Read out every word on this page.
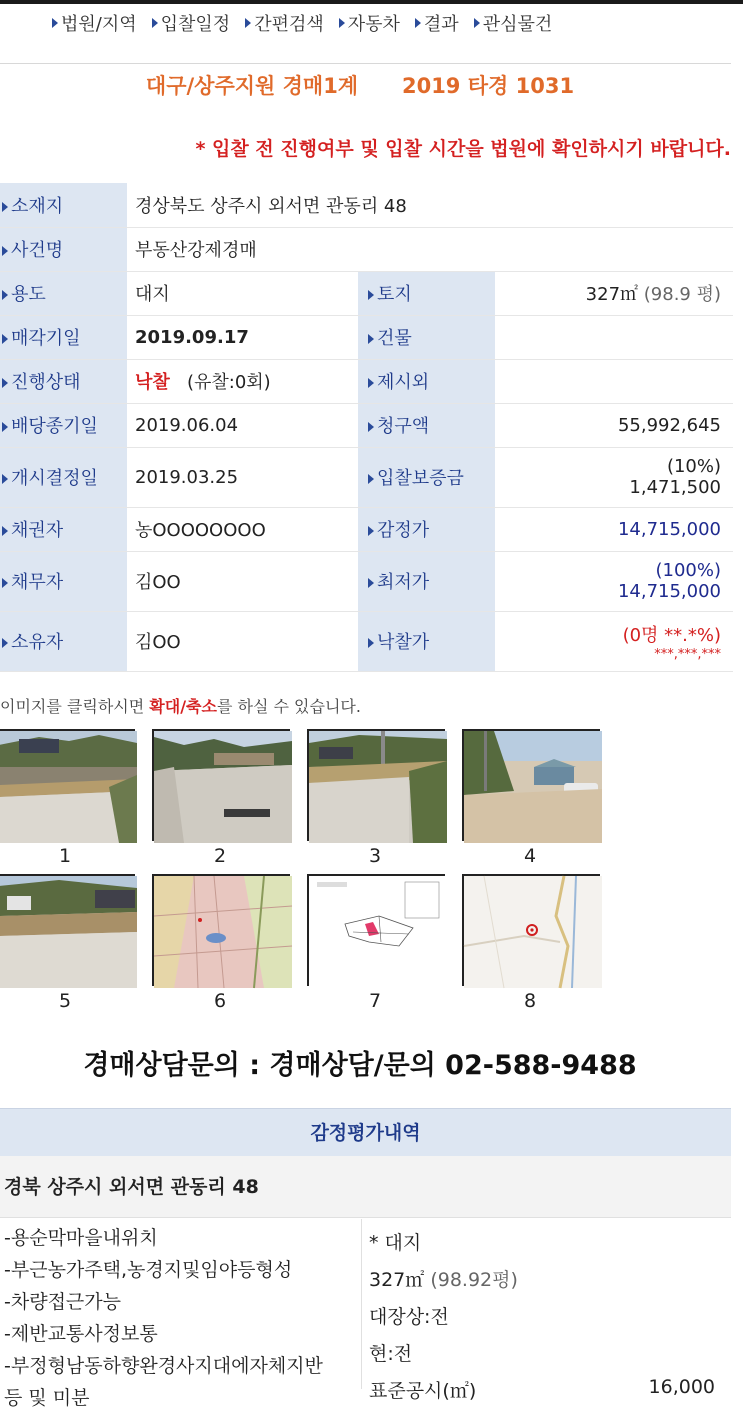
법원/지역 입찰일정 간편검색 자동차 결과 관심물건
대구/상주지원 경매1계 2019 타경 1031
* 입찰 전 진행여부 및 입찰 시간을 법원에 확인하시기 바랍니다.
소재지	경상북도 상주시 외서면 관동리 48		
사건명	부동산강제경매		
용도	대지	토지	327㎡ (98.9 평)
매각기일	2019.09.17	건물	
진행상태	낙찰 (유찰:0회)	제시외	
배당종기일	2019.06.04	청구액	55,992,645
개시결정일	2019.03.25	입찰보증금	(10%)
1,471,500

채권자	농OOOOOOOO	감정가	14,715,000
채무자	김OO	최저가	(100%)
14,715,000

소유자	김OO	낙찰가	(0명 **.*%)
***,***,***
이미지를 클릭하시면 확대/축소를 하실 수 있습니다.
1	2	3	4
5	6	7	8
경매상담문의 : 경매상담/문의 02-588-9488
감정평가내역
경북 상주시 외서면 관동리 48
-용순막마을내위치
-부근농가주택,농경지및임야등형성
-차량접근가능
-제반교통사정보통
-부정형남동하향완경사지대에자체지반
등 및 미분
* 대지
327㎡ (98.92평)
대장상:전
현:전
표준공시(㎡)	16,000
